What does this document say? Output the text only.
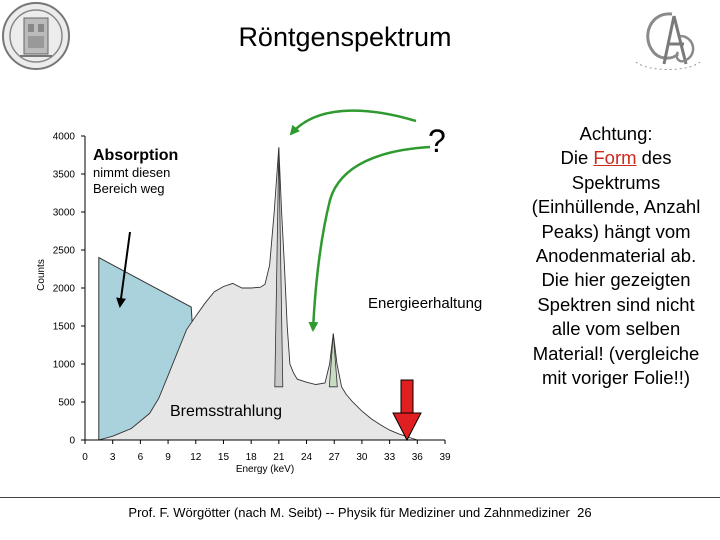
Röntgenspektrum
0 3 6 9 12 15 18 21 24 27 30 33 36 39
0
500
1000
1500
2000
2500
3000
3500
4000
Counts
Energy (keV)
Absorption
nimmt diesen
Bereich weg
?
Energieerhaltung
Bremsstrahlung
Achtung:
Die Form des Spektrums (Einhüllende, Anzahl Peaks) hängt vom Anodenmaterial ab. Die hier gezeigten Spektren sind nicht alle vom selben Material! (vergleiche mit voriger Folie!!)
Prof. F. Wörgötter (nach M. Seibt) -- Physik für Mediziner und Zahnmediziner 26
